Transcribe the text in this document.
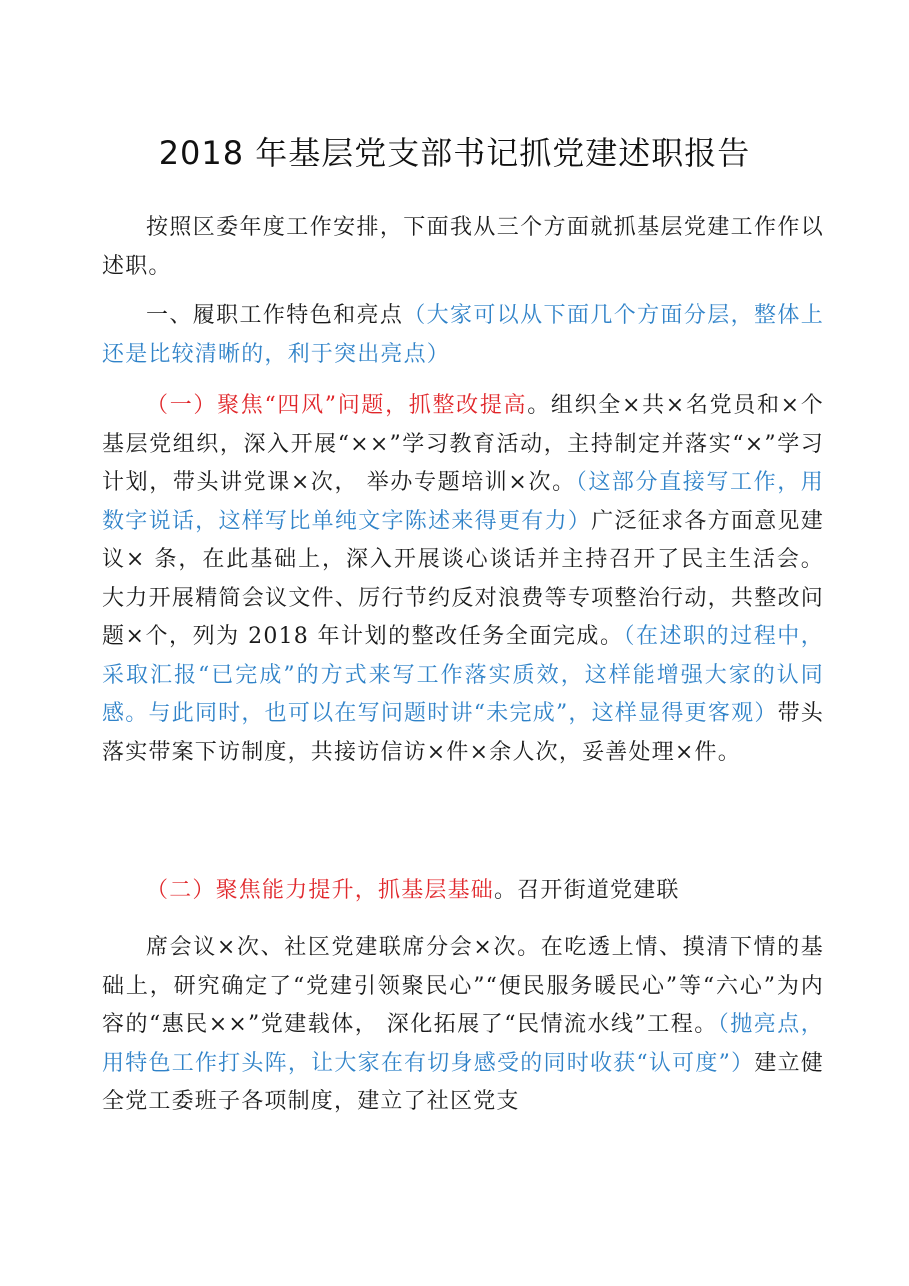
2018 年基层党支部书记抓党建述职报告

按照区委年度工作安排，下面我从三个方面就抓基层党建工作作以述职。

一、履职工作特色和亮点（大家可以从下面几个方面分层，整体上还是比较清晰的，利于突出亮点）

（一）聚焦“四风”问题，抓整改提高。组织全×共×名党员和×个基层党组织，深入开展“××”学习教育活动，主持制定并落实“×”学习计划，带头讲党课×次， 举办专题培训×次。（这部分直接写工作，用数字说话，这样写比单纯文字陈述来得更有力）广泛征求各方面意见建议× 条，在此基础上，深入开展谈心谈话并主持召开了民主生活会。大力开展精简会议文件、厉行节约反对浪费等专项整治行动，共整改问题×个，列为 2018 年计划的整改任务全面完成。（在述职的过程中，采取汇报“已完成”的方式来写工作落实质效，这样能增强大家的认同感。与此同时，也可以在写问题时讲“未完成”，这样显得更客观）带头落实带案下访制度，共接访信访×件×余人次，妥善处理×件。

（二）聚焦能力提升，抓基层基础。召开街道党建联

席会议×次、社区党建联席分会×次。在吃透上情、摸清下情的基础上，研究确定了“党建引领聚民心”“便民服务暖民心”等“六心”为内容的“惠民××”党建载体， 深化拓展了“民情流水线”工程。（抛亮点，用特色工作打头阵，让大家在有切身感受的同时收获“认可度”）建立健全党工委班子各项制度，建立了社区党支
